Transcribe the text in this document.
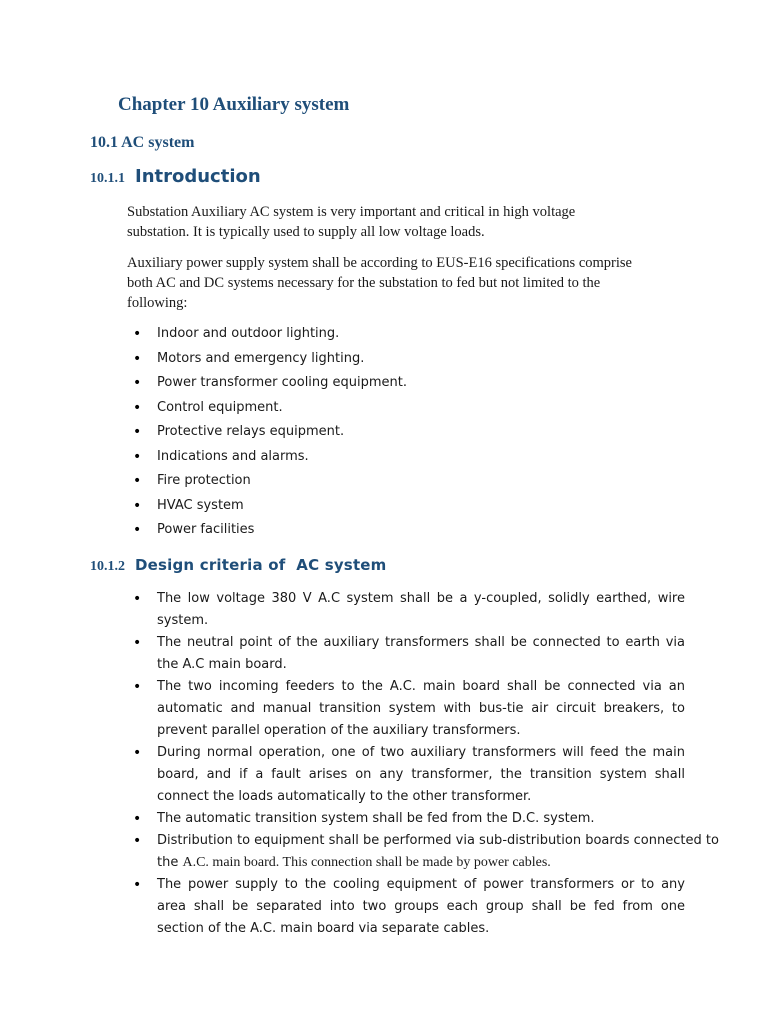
Chapter 10 Auxiliary system
10.1 AC system
10.1.1 Introduction

Substation Auxiliary AC system is very important and critical in high voltage substation. It is typically used to supply all low voltage loads.

Auxiliary power supply system shall be according to EUS-E16 specifications comprise both AC and DC systems necessary for the substation to fed but not limited to the following:

• Indoor and outdoor lighting.
• Motors and emergency lighting.
• Power transformer cooling equipment.
• Control equipment.
• Protective relays equipment.
• Indications and alarms.
• Fire protection
• HVAC system
• Power facilities
10.1.2 Design criteria of  AC system
• The low voltage 380 V A.C system shall be a y-coupled, solidly earthed, wire system.
• The neutral point of the auxiliary transformers shall be connected to earth via the A.C main board.
• The two incoming feeders to the A.C. main board shall be connected via an automatic and manual transition system with bus-tie air circuit breakers, to prevent parallel operation of the auxiliary transformers.
• During normal operation, one of two auxiliary transformers will feed the main board, and if a fault arises on any transformer, the transition system shall connect the loads automatically to the other transformer.
• The automatic transition system shall be fed from the D.C. system.
• Distribution to equipment shall be performed via sub-distribution boards connected to the A.C. main board. This connection shall be made by power cables.
• The power supply to the cooling equipment of power transformers or to any area shall be separated into two groups each group shall be fed from one section of the A.C. main board via separate cables.
